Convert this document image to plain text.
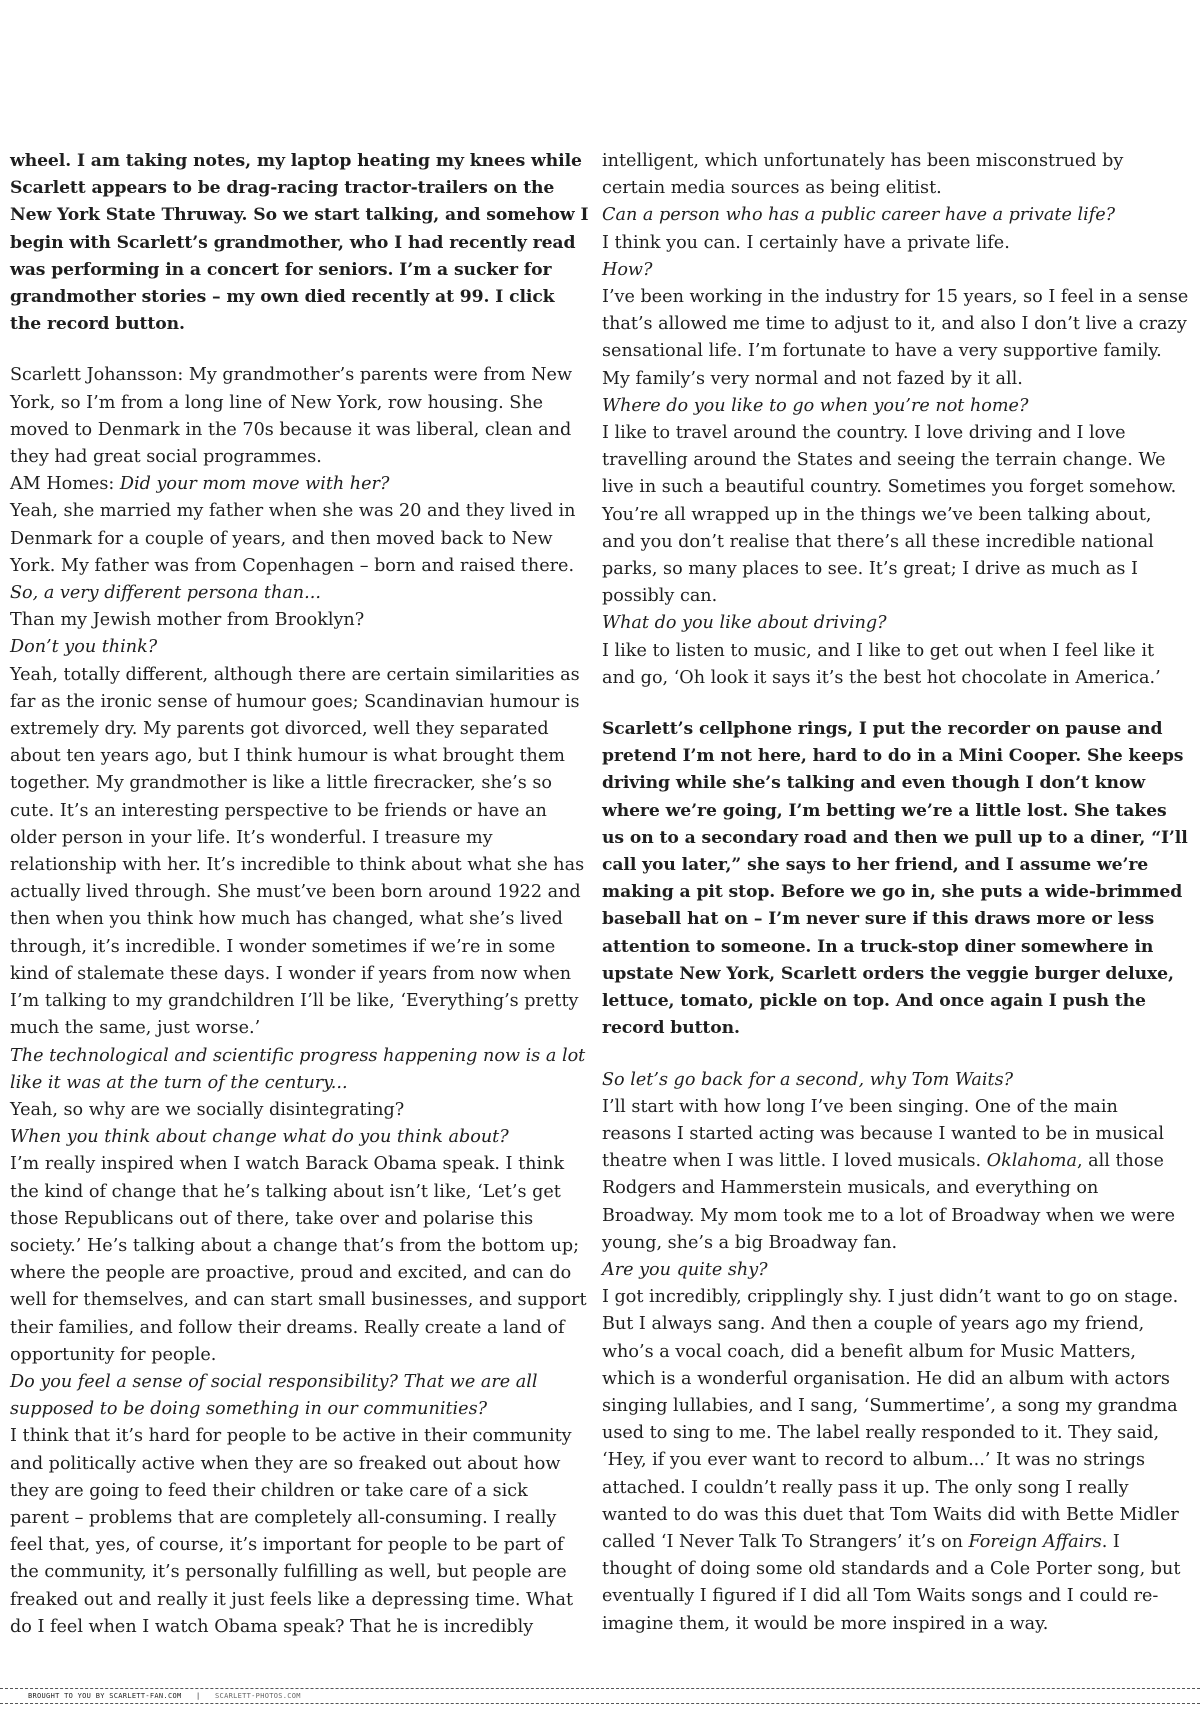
wheel. I am taking notes, my laptop heating my knees while Scarlett appears to be drag-racing tractor-trailers on the New York State Thruway. So we start talking, and somehow I begin with Scarlett’s grandmother, who I had recently read was performing in a concert for seniors. I’m a sucker for grandmother stories – my own died recently at 99. I click the record button.

Scarlett Johansson: My grandmother’s parents were from New York, so I’m from a long line of New York, row housing. She moved to Denmark in the 70s because it was liberal, clean and they had great social programmes.

AM Homes: Did your mom move with her?

Yeah, she married my father when she was 20 and they lived in Denmark for a couple of years, and then moved back to New York. My father was from Copenhagen – born and raised there.

So, a very different persona than...

Than my Jewish mother from Brooklyn?

Don’t you think?

Yeah, totally different, although there are certain similarities as far as the ironic sense of humour goes; Scandinavian humour is extremely dry. My parents got divorced, well they separated about ten years ago, but I think humour is what brought them together. My grandmother is like a little firecracker, she’s so cute. It’s an interesting perspective to be friends or have an older person in your life. It’s wonderful. I treasure my relationship with her. It’s incredible to think about what she has actually lived through. She must’ve been born around 1922 and then when you think how much has changed, what she’s lived through, it’s incredible. I wonder sometimes if we’re in some kind of stalemate these days. I wonder if years from now when I’m talking to my grandchildren I’ll be like, ‘Everything’s pretty much the same, just worse.’

The technological and scientific progress happening now is a lot like it was at the turn of the century...

Yeah, so why are we socially disintegrating?

When you think about change what do you think about?

I’m really inspired when I watch Barack Obama speak. I think the kind of change that he’s talking about isn’t like, ‘Let’s get those Republicans out of there, take over and polarise this society.’ He’s talking about a change that’s from the bottom up; where the people are proactive, proud and excited, and can do well for themselves, and can start small businesses, and support their families, and follow their dreams. Really create a land of opportunity for people.

Do you feel a sense of social responsibility? That we are all supposed to be doing something in our communities?

I think that it’s hard for people to be active in their community and politically active when they are so freaked out about how they are going to feed their children or take care of a sick parent – problems that are completely all-consuming. I really feel that, yes, of course, it’s important for people to be part of the community, it’s personally fulfilling as well, but people are freaked out and really it just feels like a depressing time. What do I feel when I watch Obama speak? That he is incredibly

intelligent, which unfortunately has been misconstrued by certain media sources as being elitist.

Can a person who has a public career have a private life?

I think you can. I certainly have a private life.

How?

I’ve been working in the industry for 15 years, so I feel in a sense that’s allowed me time to adjust to it, and also I don’t live a crazy sensational life. I’m fortunate to have a very supportive family. My family’s very normal and not fazed by it all.

Where do you like to go when you’re not home?

I like to travel around the country. I love driving and I love travelling around the States and seeing the terrain change. We live in such a beautiful country. Sometimes you forget somehow. You’re all wrapped up in the things we’ve been talking about, and you don’t realise that there’s all these incredible national parks, so many places to see. It’s great; I drive as much as I possibly can.

What do you like about driving?

I like to listen to music, and I like to get out when I feel like it and go, ‘Oh look it says it’s the best hot chocolate in America.’

Scarlett’s cellphone rings, I put the recorder on pause and pretend I’m not here, hard to do in a Mini Cooper. She keeps driving while she’s talking and even though I don’t know where we’re going, I’m betting we’re a little lost. She takes us on to a secondary road and then we pull up to a diner, “I’ll call you later,” she says to her friend, and I assume we’re making a pit stop. Before we go in, she puts a wide-brimmed baseball hat on – I’m never sure if this draws more or less attention to someone. In a truck-stop diner somewhere in upstate New York, Scarlett orders the veggie burger deluxe, lettuce, tomato, pickle on top. And once again I push the record button.

So let’s go back for a second, why Tom Waits?

I’ll start with how long I’ve been singing. One of the main reasons I started acting was because I wanted to be in musical theatre when I was little. I loved musicals. Oklahoma, all those Rodgers and Hammerstein musicals, and everything on Broadway. My mom took me to a lot of Broadway when we were young, she’s a big Broadway fan.

Are you quite shy?

I got incredibly, cripplingly shy. I just didn’t want to go on stage. But I always sang. And then a couple of years ago my friend, who’s a vocal coach, did a benefit album for Music Matters, which is a wonderful organisation. He did an album with actors singing lullabies, and I sang, ‘Summertime’, a song my grandma used to sing to me. The label really responded to it. They said, ‘Hey, if you ever want to record to album...’ It was no strings attached. I couldn’t really pass it up. The only song I really wanted to do was this duet that Tom Waits did with Bette Midler called ‘I Never Talk To Strangers’ it’s on Foreign Affairs. I thought of doing some old standards and a Cole Porter song, but eventually I figured if I did all Tom Waits songs and I could re-imagine them, it would be more inspired in a way.

BROUGHT TO YOU BY SCARLETT-FAN.COM | SCARLETT-PHOTOS.COM
